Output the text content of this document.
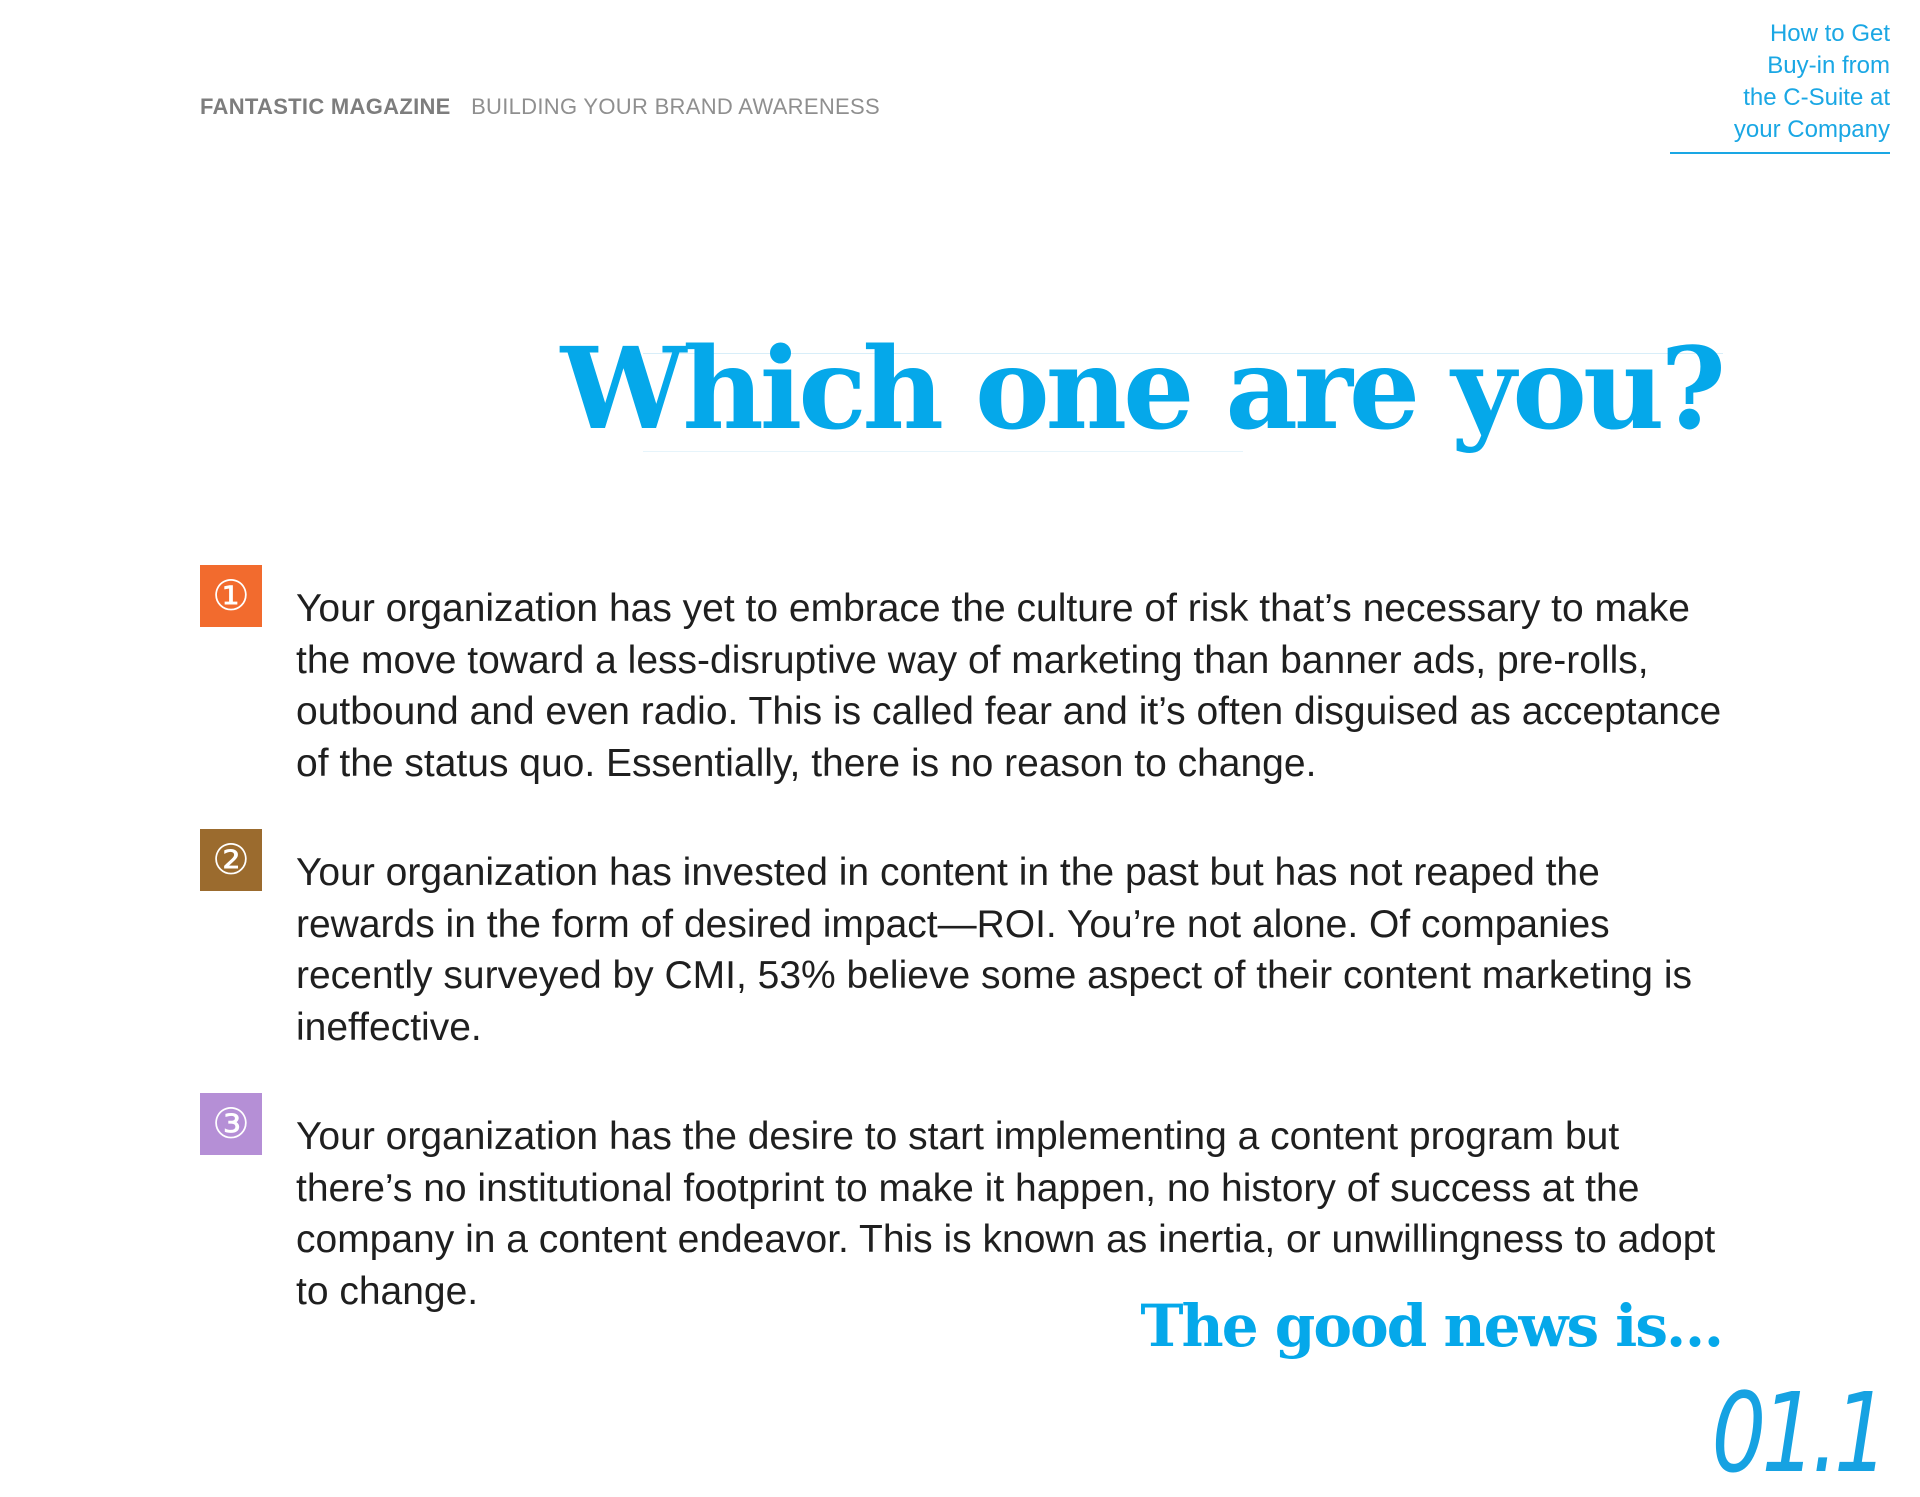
FANTASTIC MAGAZINE BUILDING YOUR BRAND AWARENESS
How to Get
Buy-in from
the C-Suite at
your Company
Which one are you?
①	Your organization has yet to embrace the culture of risk that’s necessary to make the move toward a less-disruptive way of marketing than banner ads, pre-rolls, outbound and even radio. This is called fear and it’s often disguised as acceptance of the status quo. Essentially, there is no reason to change.

②	Your organization has invested in content in the past but has not reaped the rewards in the form of desired impact—ROI. You’re not alone. Of companies recently surveyed by CMI, 53% believe some aspect of their content marketing is ineffective.

③	Your organization has the desire to start implementing a content program but there’s no institutional footprint to make it happen, no history of success at the company in a content endeavor. This is known as inertia, or unwillingness to adopt to change.

The good news is…
01.1
